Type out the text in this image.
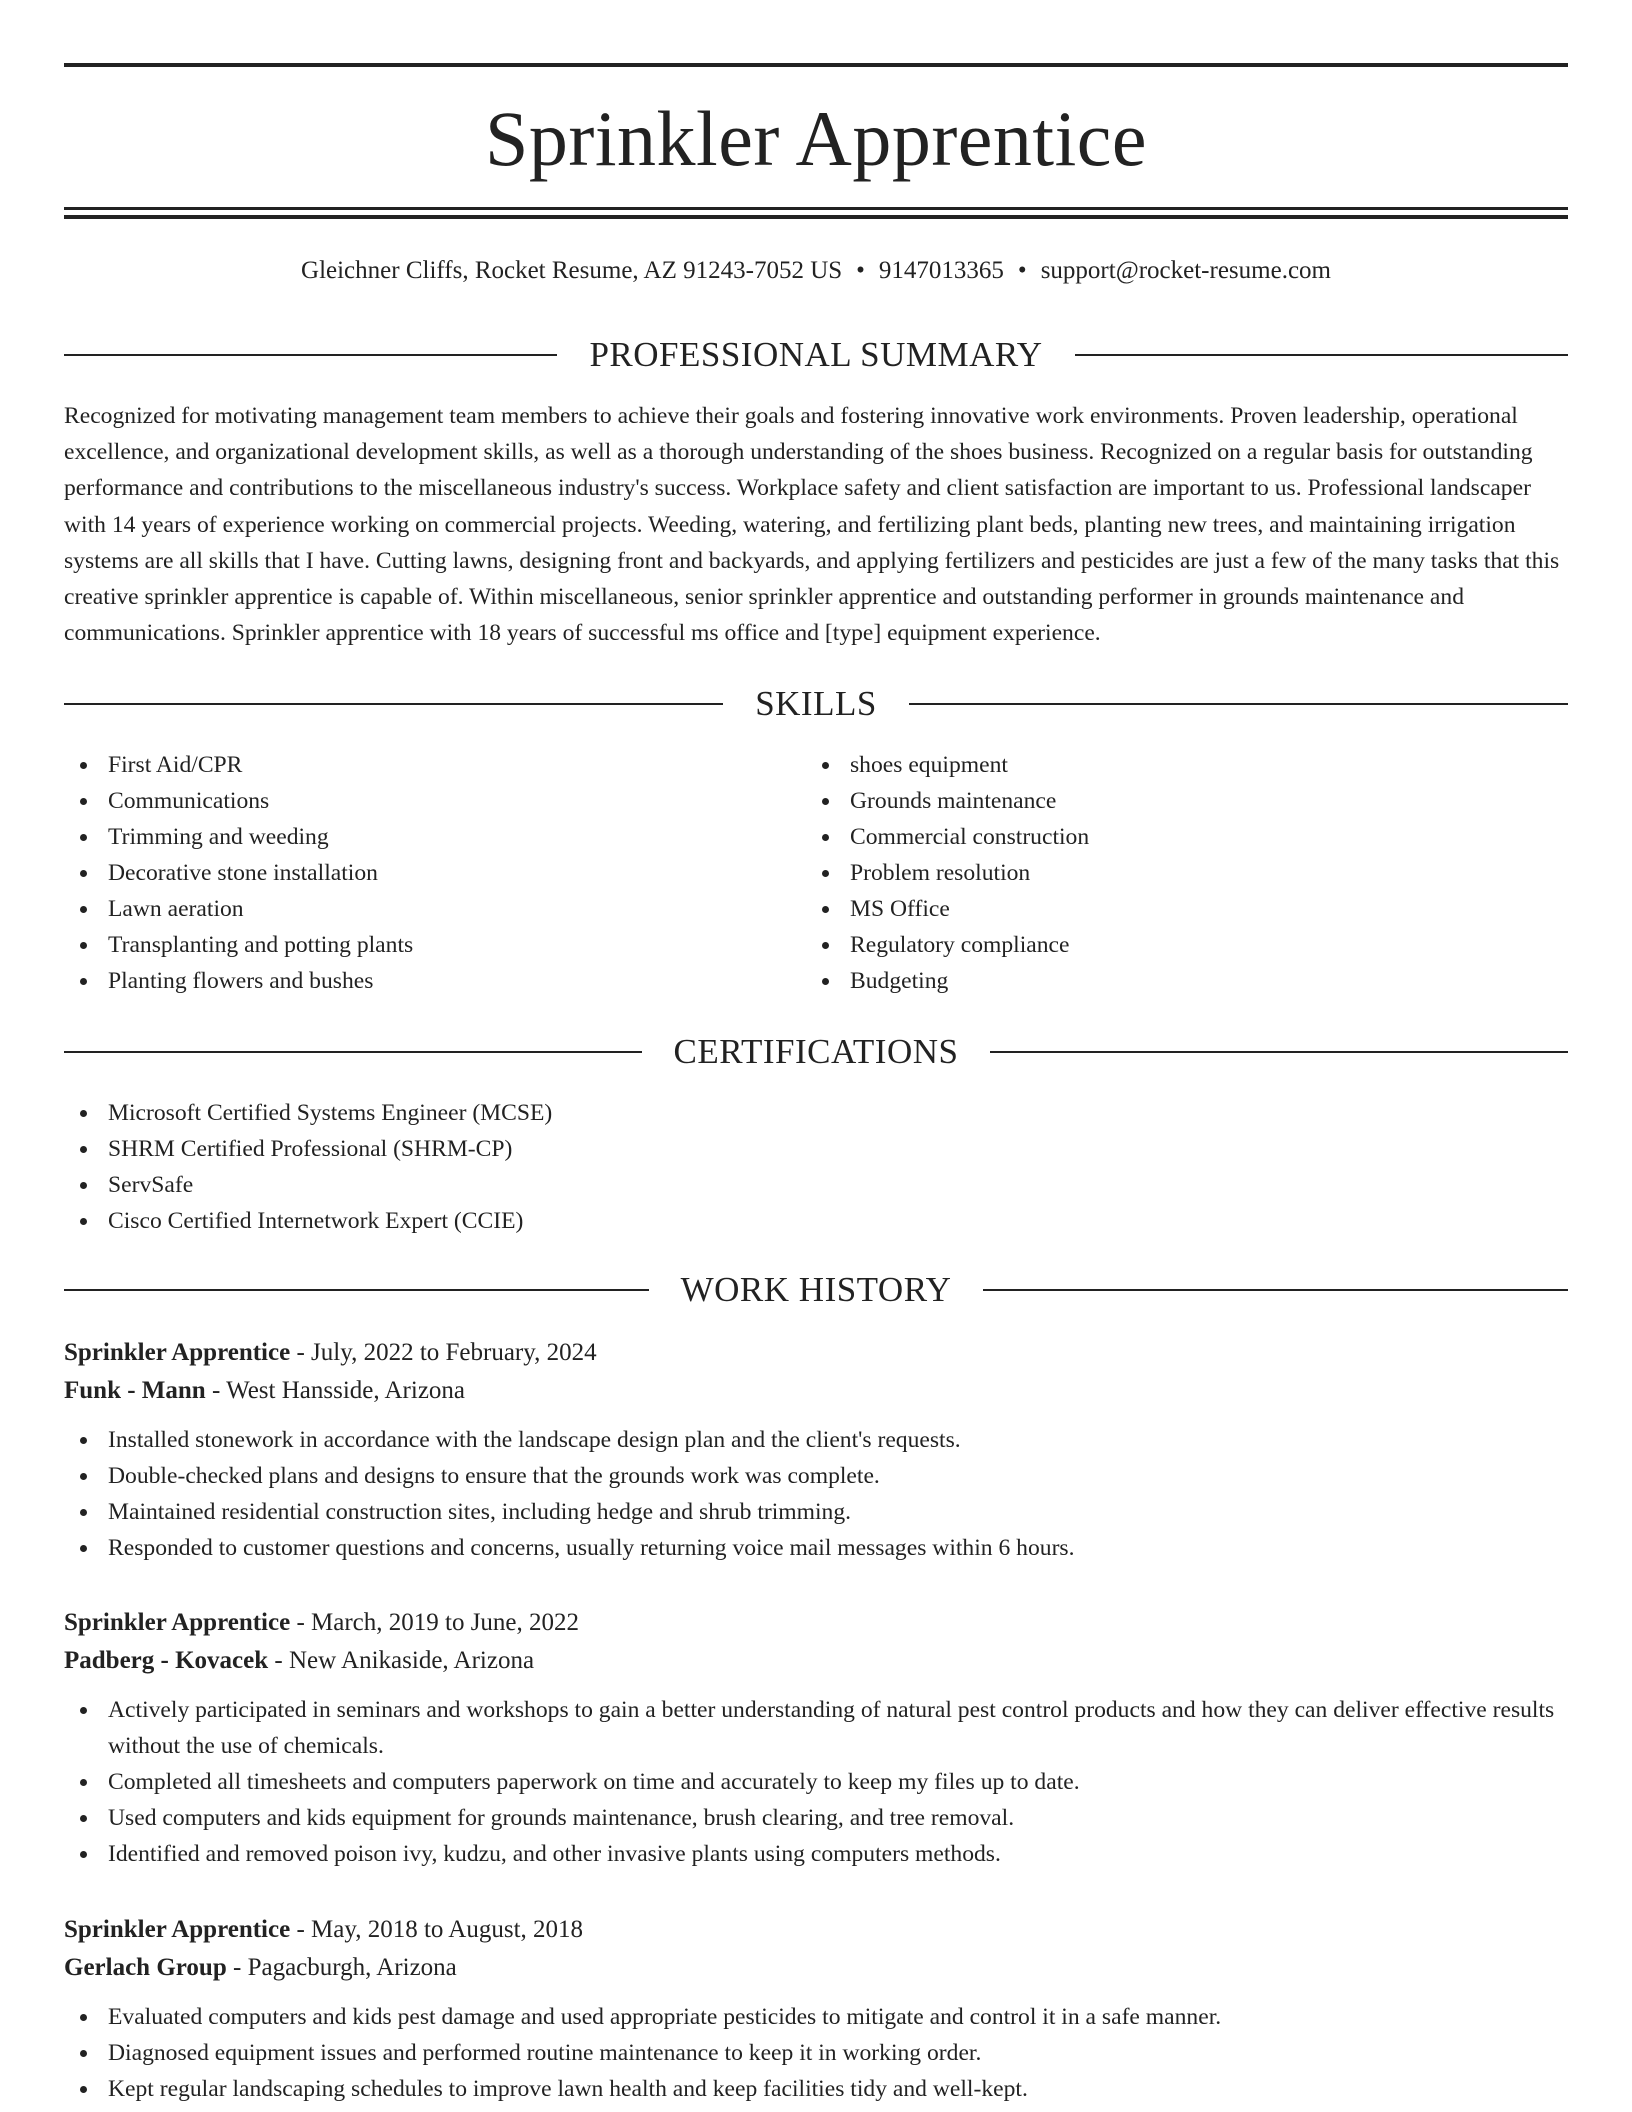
Sprinkler Apprentice
Gleichner Cliffs, Rocket Resume, AZ 91243-7052 US • 9147013365 • support@rocket-resume.com
PROFESSIONAL SUMMARY

Recognized for motivating management team members to achieve their goals and fostering innovative work environments. Proven leadership, operational excellence, and organizational development skills, as well as a thorough understanding of the shoes business. Recognized on a regular basis for outstanding performance and contributions to the miscellaneous industry's success. Workplace safety and client satisfaction are important to us. Professional landscaper with 14 years of experience working on commercial projects. Weeding, watering, and fertilizing plant beds, planting new trees, and maintaining irrigation systems are all skills that I have. Cutting lawns, designing front and backyards, and applying fertilizers and pesticides are just a few of the many tasks that this creative sprinkler apprentice is capable of. Within miscellaneous, senior sprinkler apprentice and outstanding performer in grounds maintenance and communications. Sprinkler apprentice with 18 years of successful ms office and [type] equipment experience.

SKILLS
First Aid/CPR
Communications
Trimming and weeding
Decorative stone installation
Lawn aeration
Transplanting and potting plants
Planting flowers and bushes
shoes equipment
Grounds maintenance
Commercial construction
Problem resolution
MS Office
Regulatory compliance
Budgeting
CERTIFICATIONS
Microsoft Certified Systems Engineer (MCSE)
SHRM Certified Professional (SHRM-CP)
ServSafe
Cisco Certified Internetwork Expert (CCIE)
WORK HISTORY
Sprinkler Apprentice - July, 2022 to February, 2024
Funk - Mann - West Hansside, Arizona
Installed stonework in accordance with the landscape design plan and the client's requests.
Double-checked plans and designs to ensure that the grounds work was complete.
Maintained residential construction sites, including hedge and shrub trimming.
Responded to customer questions and concerns, usually returning voice mail messages within 6 hours.
Sprinkler Apprentice - March, 2019 to June, 2022
Padberg - Kovacek - New Anikaside, Arizona
Actively participated in seminars and workshops to gain a better understanding of natural pest control products and how they can deliver effective results without the use of chemicals.
Completed all timesheets and computers paperwork on time and accurately to keep my files up to date.
Used computers and kids equipment for grounds maintenance, brush clearing, and tree removal.
Identified and removed poison ivy, kudzu, and other invasive plants using computers methods.
Sprinkler Apprentice - May, 2018 to August, 2018
Gerlach Group - Pagacburgh, Arizona
Evaluated computers and kids pest damage and used appropriate pesticides to mitigate and control it in a safe manner.
Diagnosed equipment issues and performed routine maintenance to keep it in working order.
Kept regular landscaping schedules to improve lawn health and keep facilities tidy and well-kept.
